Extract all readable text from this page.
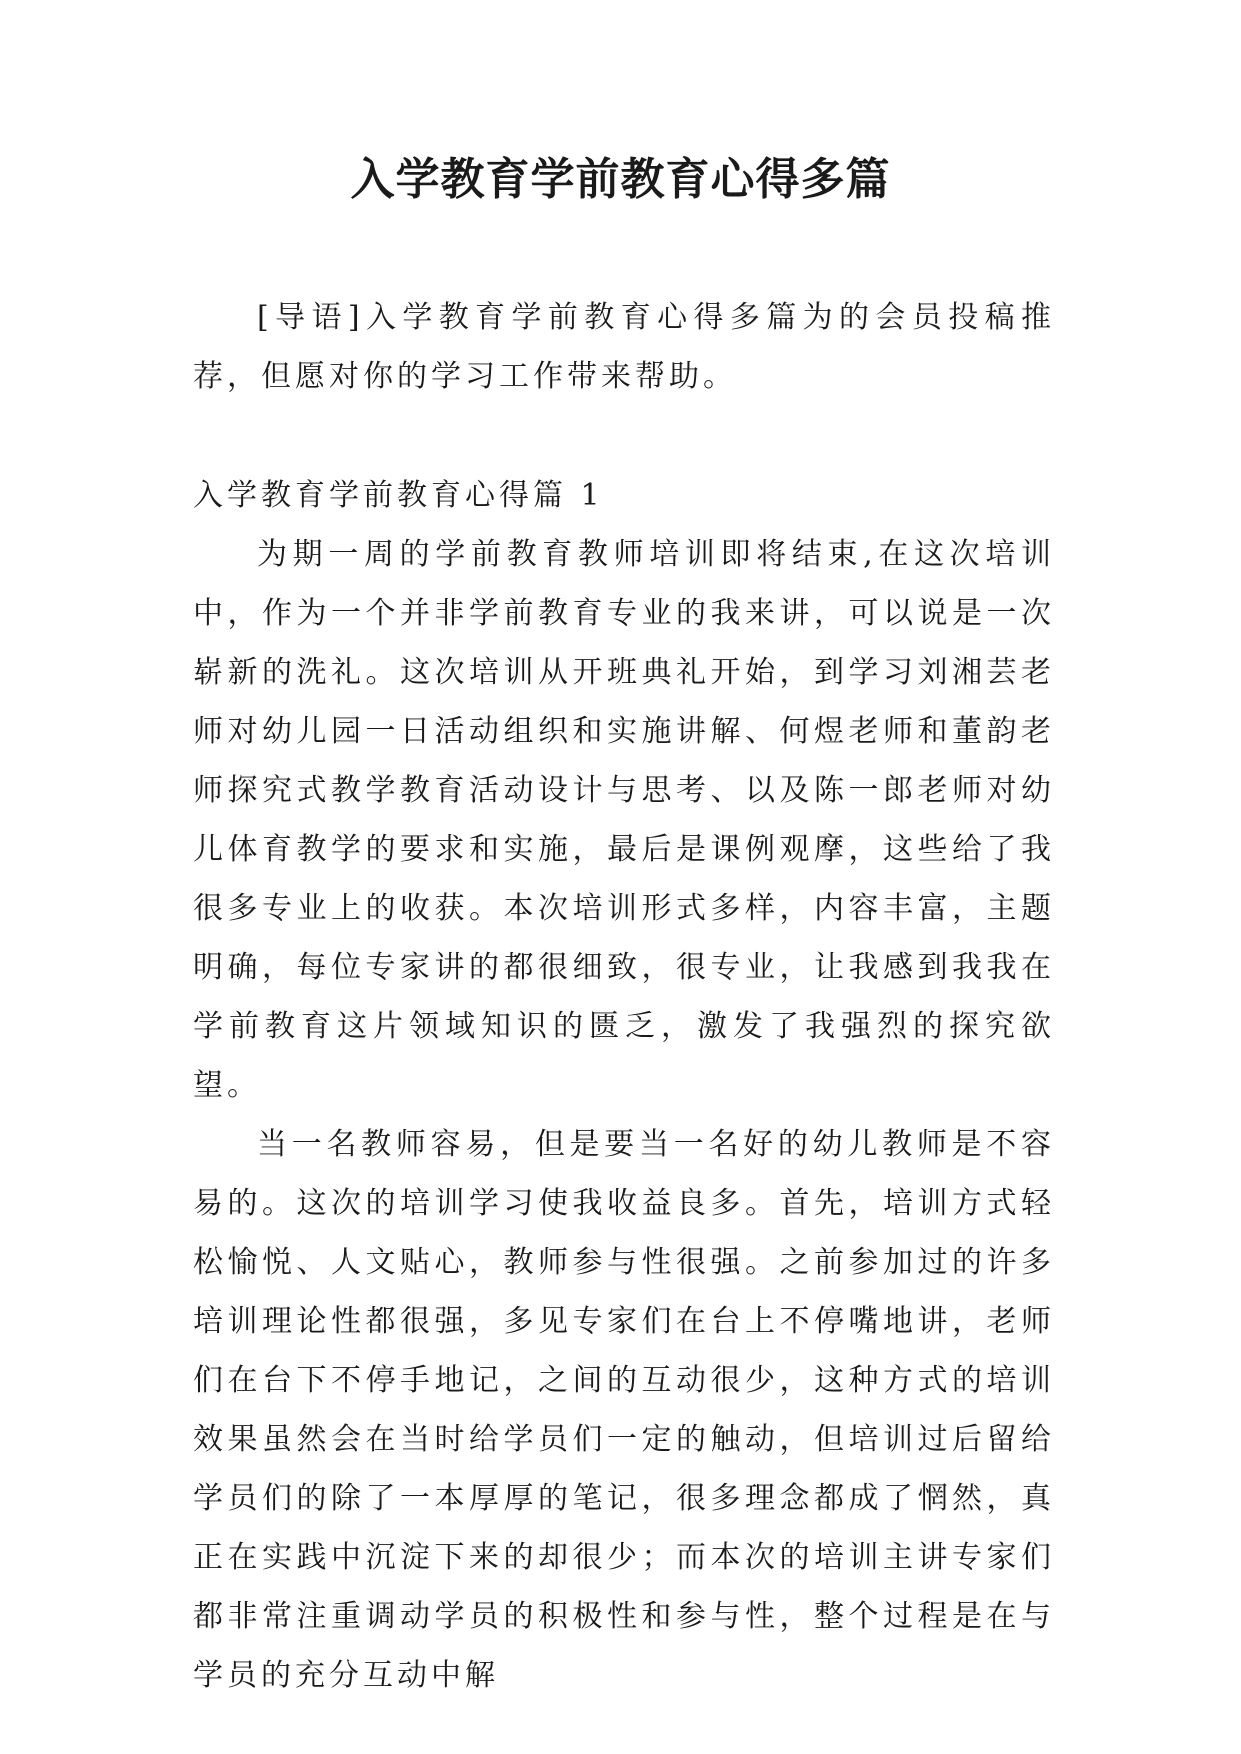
入学教育学前教育心得多篇

[导语]入学教育学前教育心得多篇为的会员投稿推荐，但愿对你的学习工作带来帮助。

入学教育学前教育心得篇 1

为期一周的学前教育教师培训即将结束,在这次培训中，作为一个并非学前教育专业的我来讲，可以说是一次崭新的洗礼。这次培训从开班典礼开始，到学习刘湘芸老师对幼儿园一日活动组织和实施讲解、何煜老师和董韵老师探究式教学教育活动设计与思考、以及陈一郎老师对幼儿体育教学的要求和实施，最后是课例观摩，这些给了我很多专业上的收获。本次培训形式多样，内容丰富，主题明确，每位专家讲的都很细致，很专业，让我感到我我在学前教育这片领域知识的匮乏，激发了我强烈的探究欲望。

当一名教师容易，但是要当一名好的幼儿教师是不容易的。这次的培训学习使我收益良多。首先，培训方式轻松愉悦、人文贴心，教师参与性很强。之前参加过的许多培训理论性都很强，多见专家们在台上不停嘴地讲，老师们在台下不停手地记，之间的互动很少，这种方式的培训效果虽然会在当时给学员们一定的触动，但培训过后留给学员们的除了一本厚厚的笔记，很多理念都成了惘然，真正在实践中沉淀下来的却很少；而本次的培训主讲专家们都非常注重调动学员的积极性和参与性，整个过程是在与学员的充分互动中解
